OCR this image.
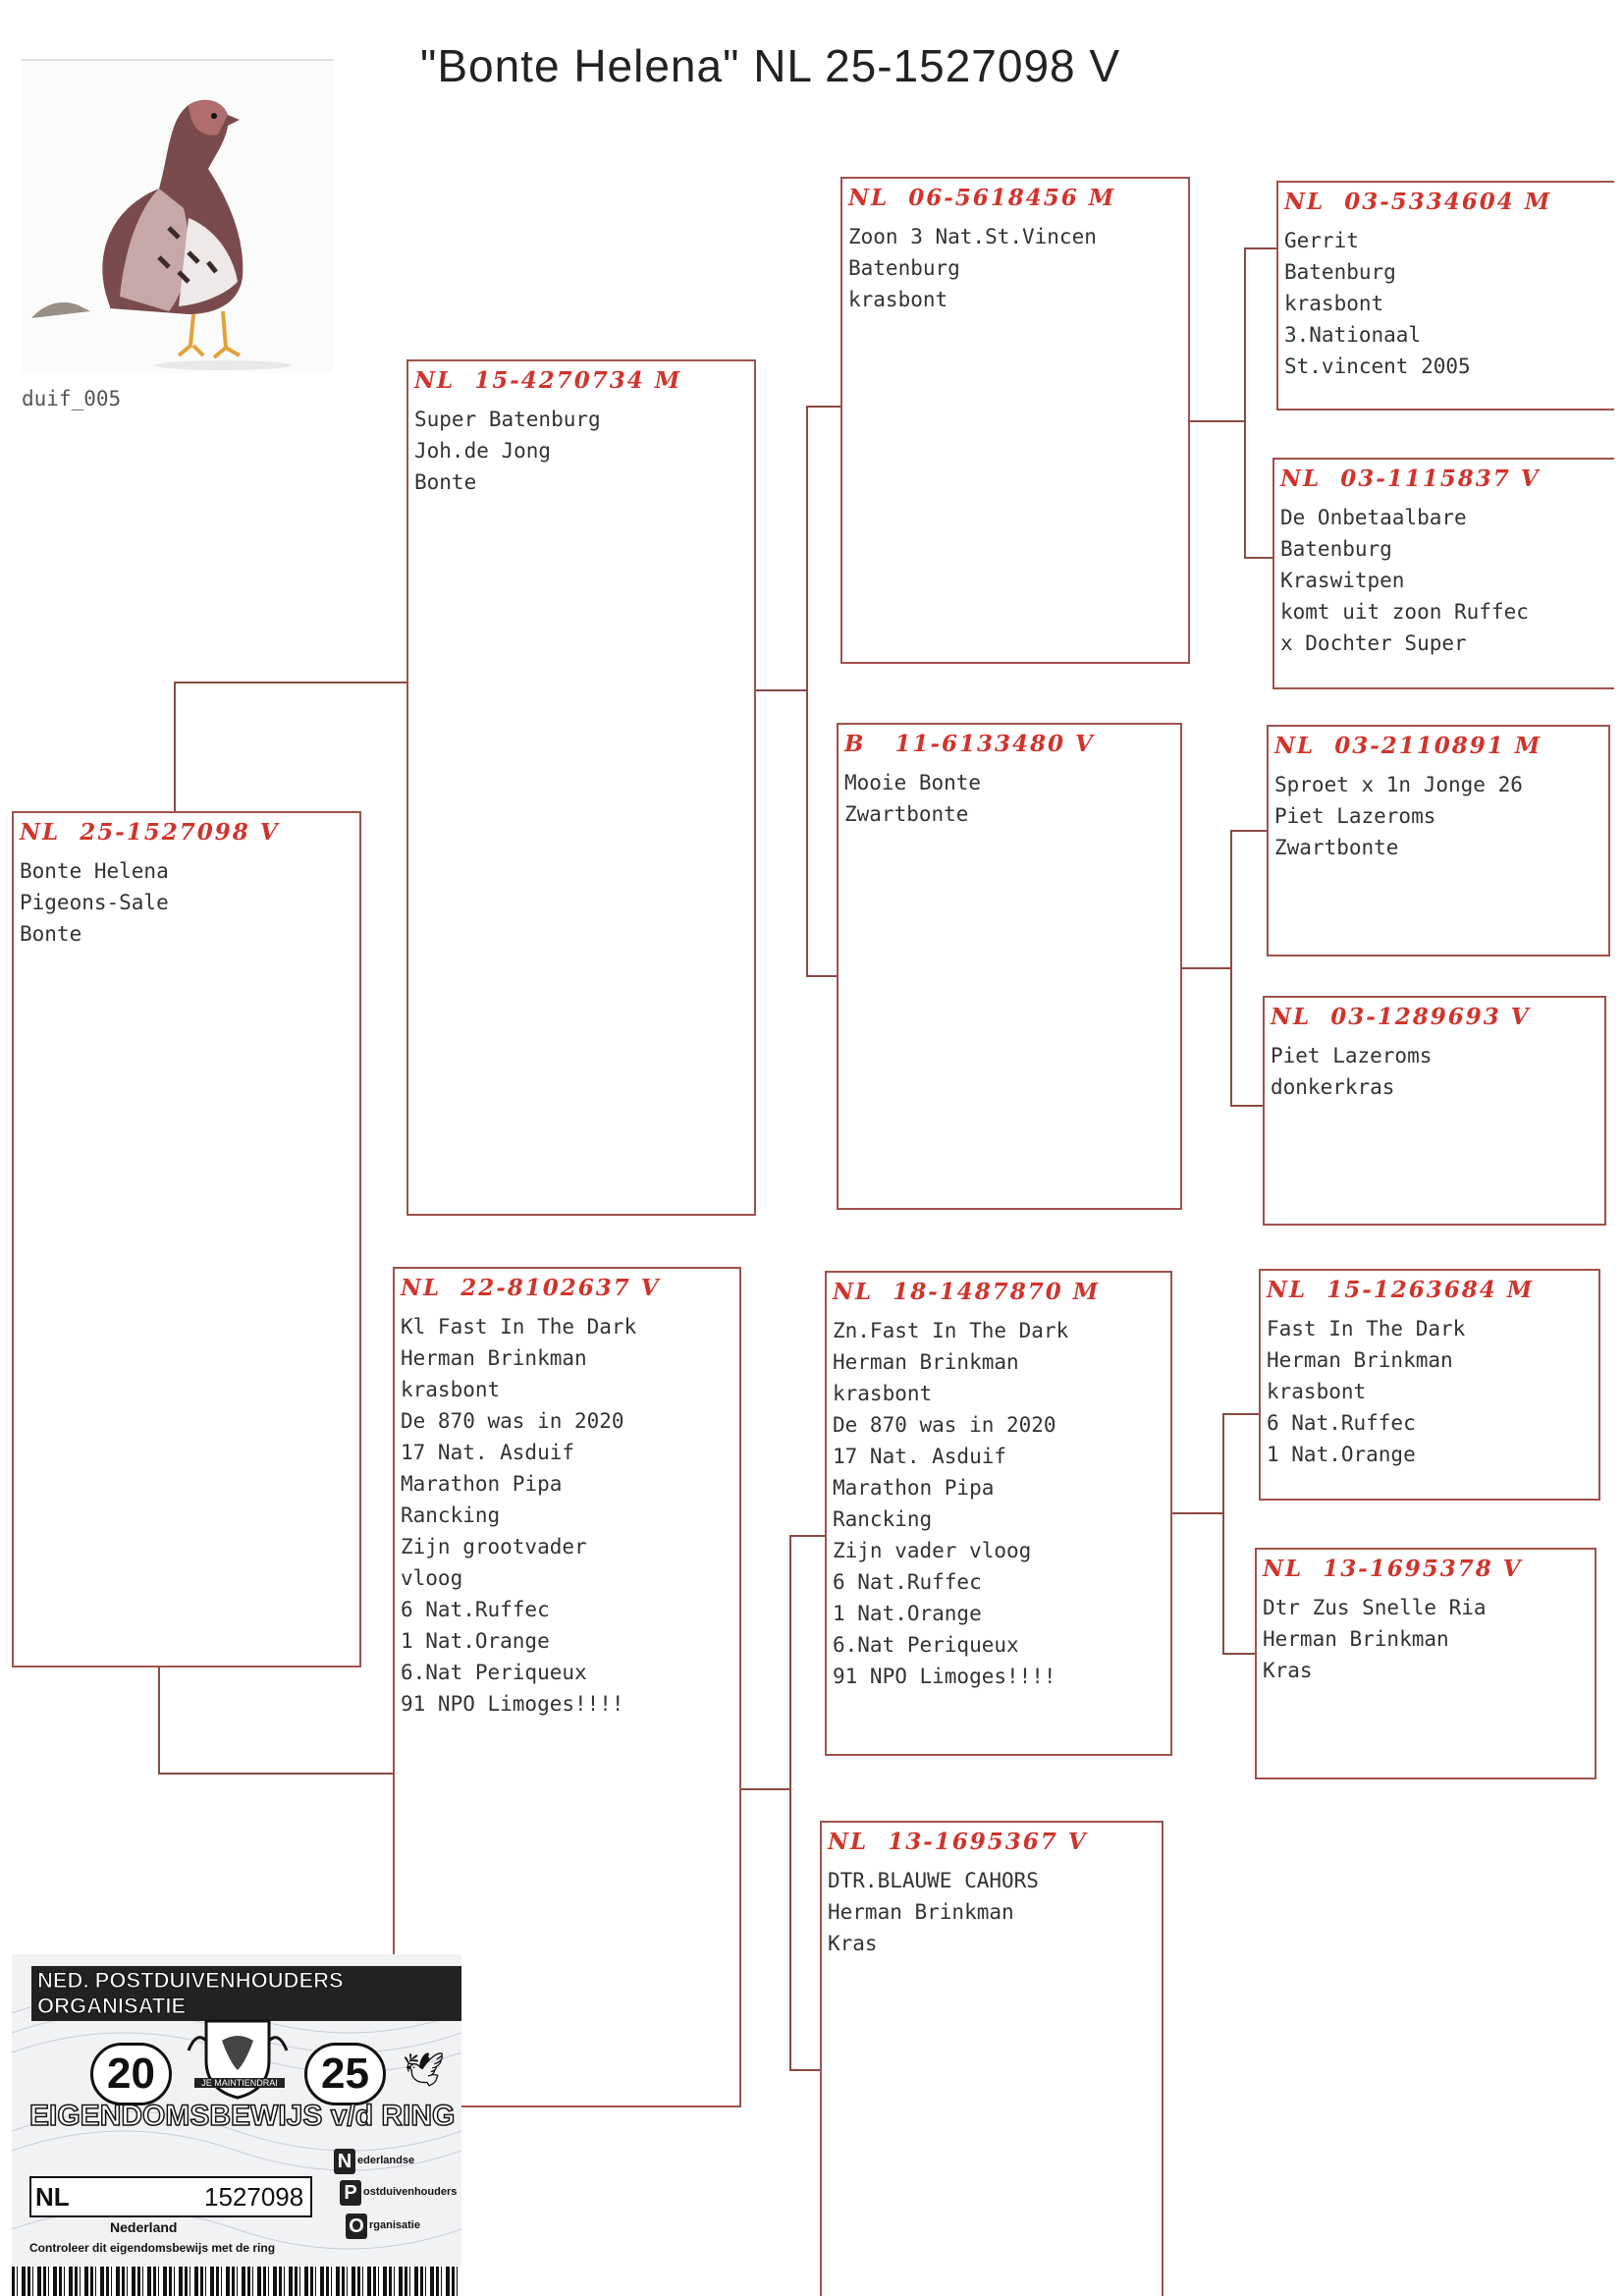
"Bonte Helena" NL 25-1527098 V
duif_005
NL  25-1527098 V
Bonte Helena
Pigeons-Sale
Bonte
NL  15-4270734 M
Super Batenburg
Joh.de Jong
Bonte
NL  22-8102637 V
Kl Fast In The Dark
Herman Brinkman
krasbont
De 870 was in 2020
17 Nat. Asduif
Marathon Pipa
Rancking
Zijn grootvader
vloog
6 Nat.Ruffec
1 Nat.Orange
6.Nat Periqueux
91 NPO Limoges!!!!
NL  06-5618456 M
Zoon 3 Nat.St.Vincen
Batenburg
krasbont
B   11-6133480 V
Mooie Bonte
Zwartbonte
NL  18-1487870 M
Zn.Fast In The Dark
Herman Brinkman
krasbont
De 870 was in 2020
17 Nat. Asduif
Marathon Pipa
Rancking
Zijn vader vloog
6 Nat.Ruffec
1 Nat.Orange
6.Nat Periqueux
91 NPO Limoges!!!!
NL  13-1695367 V
DTR.BLAUWE CAHORS
Herman Brinkman
Kras
NL  03-5334604 M
Gerrit
Batenburg
krasbont
3.Nationaal
St.vincent 2005
NL  03-1115837 V
De Onbetaalbare
Batenburg
Kraswitpen
komt uit zoon Ruffec
x Dochter Super
NL  03-2110891 M
Sproet x 1n Jonge 26
Piet Lazeroms
Zwartbonte
NL  03-1289693 V
Piet Lazeroms
donkerkras
NL  15-1263684 M
Fast In The Dark
Herman Brinkman
krasbont
6 Nat.Ruffec
1 Nat.Orange
NL  13-1695378 V
Dtr Zus Snelle Ria
Herman Brinkman
Kras
NED. POSTDUIVENHOUDERS ORGANISATIE
20	JE MAINTIENDRAI	25	🕊
EIGENDOMSBEWIJS v/d RING
NL	1527098
Nederland
Controleer dit eigendomsbewijs met de ring
N ederlandse
P ostduivenhouders
O rganisatie
